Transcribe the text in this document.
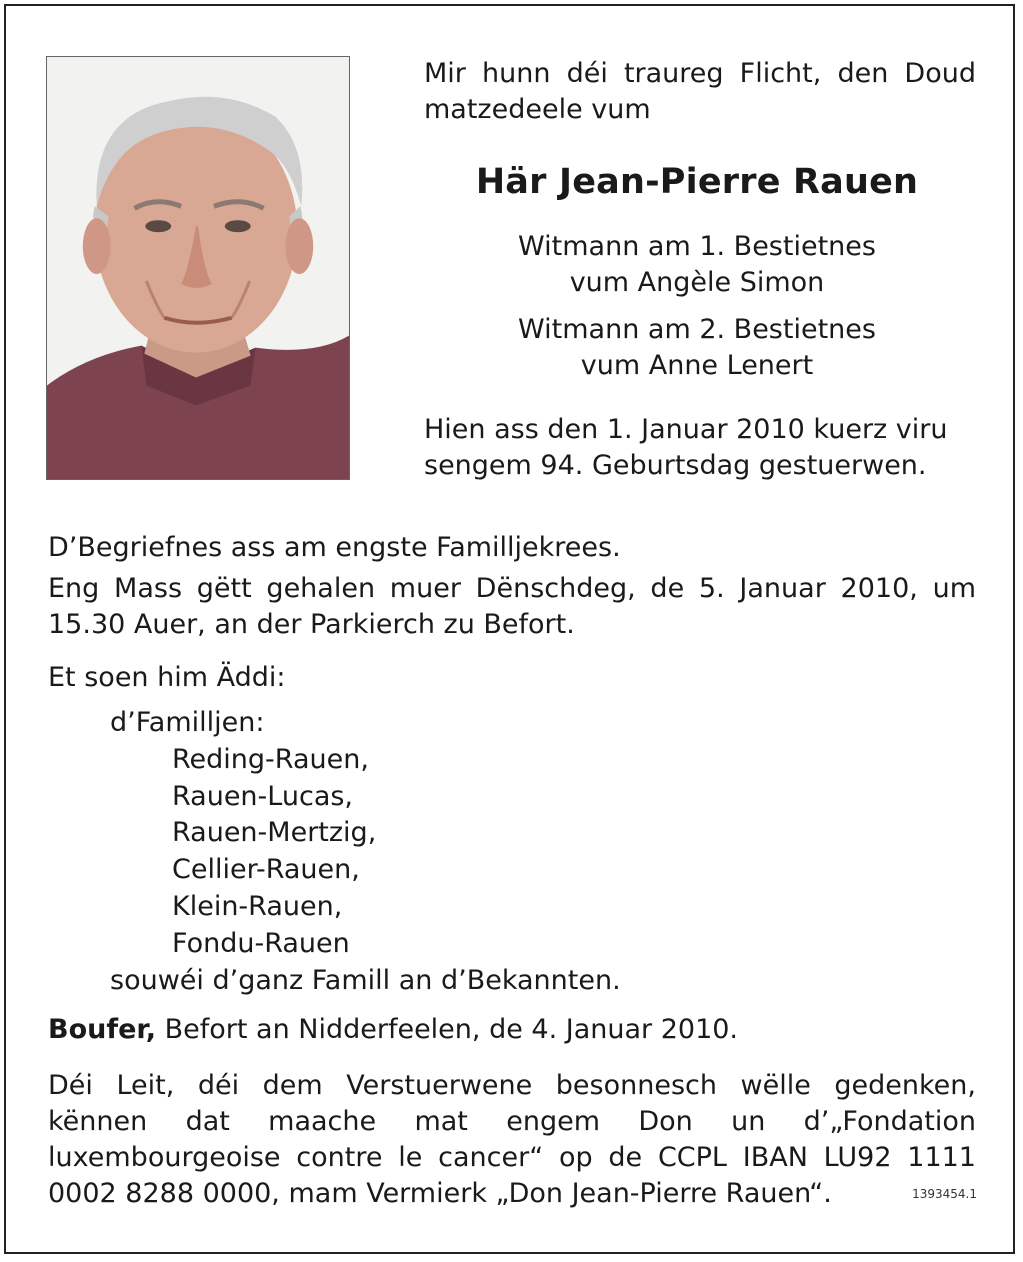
Mir hunn déi traureg Flicht, den Doud matzedeele vum
Här Jean-Pierre Rauen
Witmann am 1. Bestietnes
vum Angèle Simon
Witmann am 2. Bestietnes
vum Anne Lenert
Hien ass den 1. Januar 2010 kuerz viru sengem 94. Geburtsdag gestuerwen.
D’Begriefnes ass am engste Familljekrees.
Eng Mass gëtt gehalen muer Dënschdeg, de 5. Januar 2010, um 15.30 Auer, an der Parkierch zu Befort.
Et soen him Äddi:
d’Familljen:
Reding-Rauen,
Rauen-Lucas,
Rauen-Mertzig,
Cellier-Rauen,
Klein-Rauen,
Fondu-Rauen
souwéi d’ganz Famill an d’Bekannten.
Boufer, Befort an Nidderfeelen, de 4. Januar 2010.
Déi Leit, déi dem Verstuerwene besonnesch wëlle gedenken, kënnen dat maache mat engem Don un d’„Fondation luxembourgeoise contre le cancer“ op de CCPL IBAN LU92 1111 0002 8288 0000, mam Vermierk „Don Jean-Pierre Rauen“.	1393454.1
